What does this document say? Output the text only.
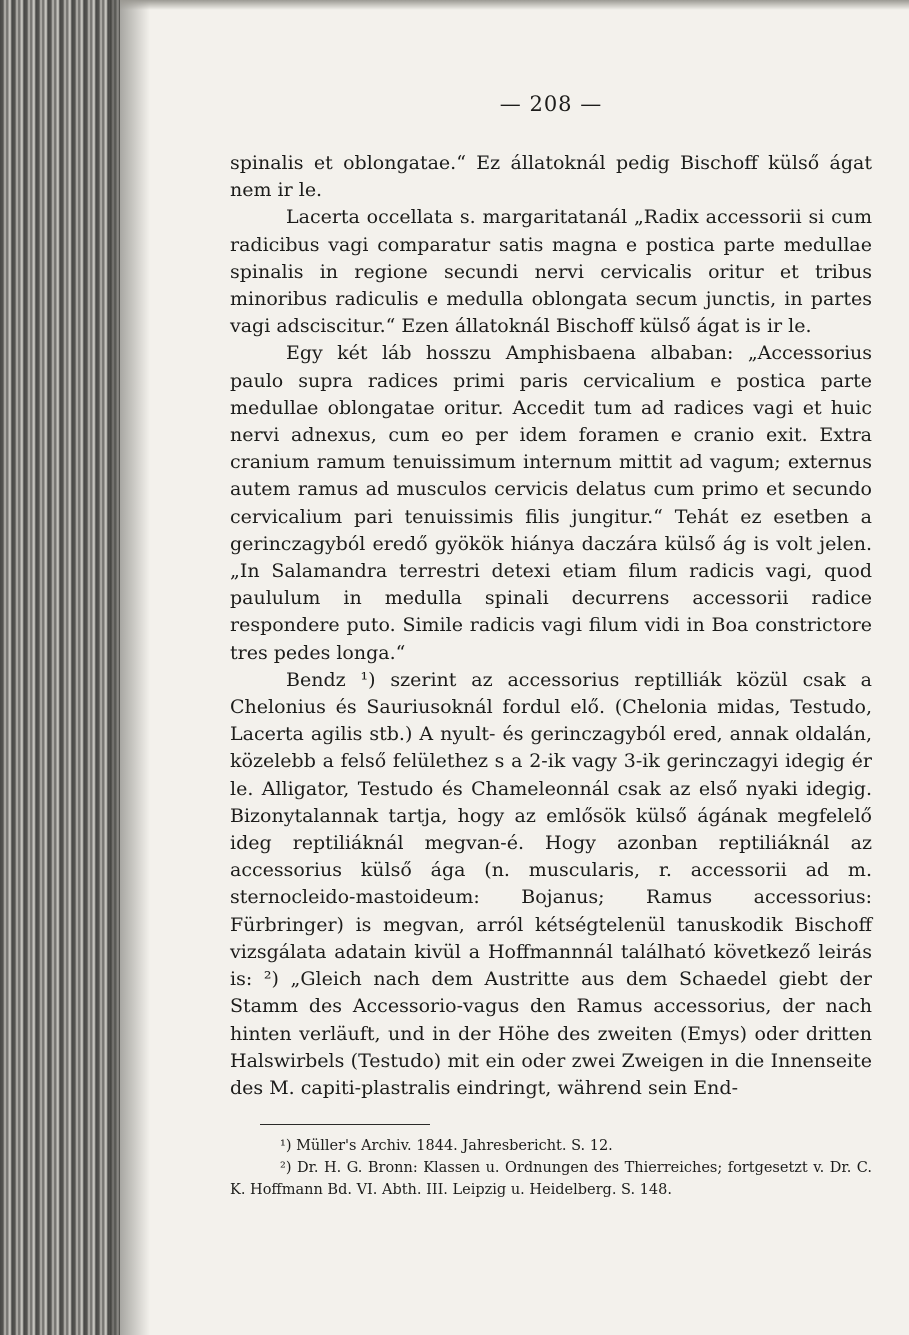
— 208 —

spinalis et oblongatae.“ Ez állatoknál pedig Bischoff külső ágat nem ir le.

Lacerta occellata s. margaritatanál „Radix accessorii si cum radicibus vagi comparatur satis magna e postica parte medullae spinalis in regione secundi nervi cervicalis oritur et tribus minoribus radiculis e medulla oblongata secum junctis, in partes vagi adsciscitur.“ Ezen állatoknál Bischoff külső ágat is ir le.

Egy két láb hosszu Amphisbaena albaban: „Accessorius paulo supra radices primi paris cervicalium e postica parte medullae oblongatae oritur. Accedit tum ad radices vagi et huic nervi adnexus, cum eo per idem foramen e cranio exit. Extra cranium ramum tenuissimum internum mittit ad vagum; externus autem ramus ad musculos cervicis delatus cum primo et secundo cervicalium pari tenuissimis filis jungitur.“ Tehát ez esetben a gerinczagyból eredő gyökök hiánya daczára külső ág is volt jelen. „In Salamandra terrestri detexi etiam filum radicis vagi, quod paululum in medulla spinali decurrens accessorii radice respondere puto. Simile radicis vagi filum vidi in Boa constrictore tres pedes longa.“

Bendz ¹) szerint az accessorius reptilliák közül csak a Chelonius és Sauriusoknál fordul elő. (Chelonia midas, Testudo, Lacerta agilis stb.) A nyult- és gerinczagyból ered, annak oldalán, közelebb a felső felülethez s a 2-ik vagy 3-ik gerinczagyi idegig ér le. Alligator, Testudo és Chameleonnál csak az első nyaki idegig. Bizonytalannak tartja, hogy az emlősök külső ágának megfelelő ideg reptiliáknál megvan-é. Hogy azonban reptiliáknál az accessorius külső ága (n. muscularis, r. accessorii ad m. sternocleido-mastoideum: Bojanus; Ramus accessorius: Fürbringer) is megvan, arról kétségtelenül tanuskodik Bischoff vizsgálata adatain kivül a Hoffmannnál található következő leirás is: ²) „Gleich nach dem Austritte aus dem Schaedel giebt der Stamm des Accessorio-vagus den Ramus accessorius, der nach hinten verläuft, und in der Höhe des zweiten (Emys) oder dritten Halswirbels (Testudo) mit ein oder zwei Zweigen in die Innenseite des M. capiti-plastralis eindringt, während sein End-

¹) Müller's Archiv. 1844. Jahresbericht. S. 12.

²) Dr. H. G. Bronn: Klassen u. Ordnungen des Thierreiches; fortgesetzt v. Dr. C. K. Hoffmann Bd. VI. Abth. III. Leipzig u. Heidelberg. S. 148.
